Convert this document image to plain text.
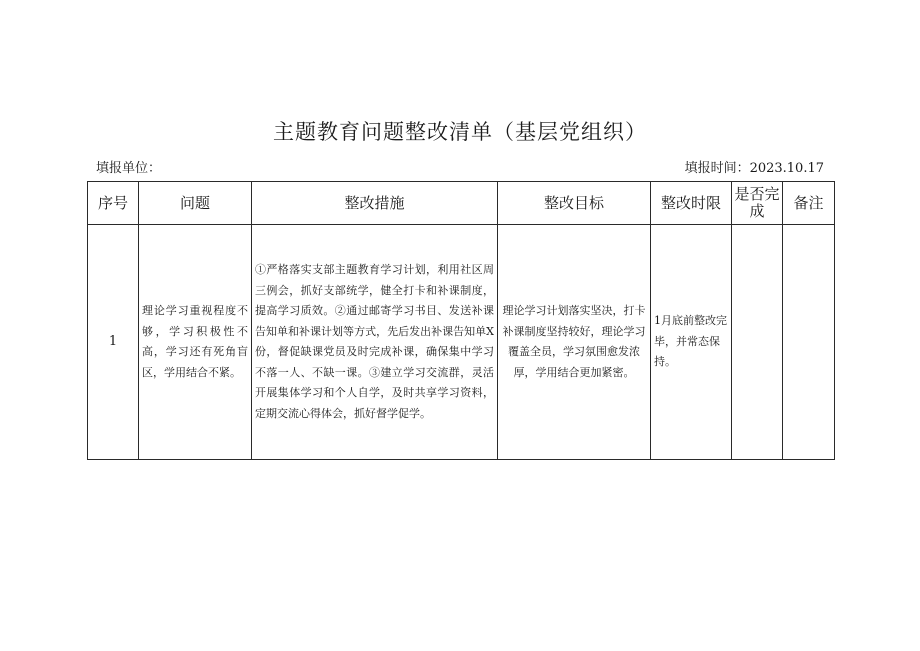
主题教育问题整改清单（基层党组织）
填报单位：	填报时间：2023.10.17
序号	问题	整改措施	整改目标	整改时限	是否完成	备注
1	理论学习重视程度不够，学习积极性不高，学习还有死角盲区，学用结合不紧。	①严格落实支部主题教育学习计划，利用社区周三例会，抓好支部统学，健全打卡和补课制度，提高学习质效。②通过邮寄学习书目、发送补课告知单和补课计划等方式，先后发出补课告知单X份，督促缺课党员及时完成补课，确保集中学习不落一人、不缺一课。③建立学习交流群，灵活开展集体学习和个人自学，及时共享学习资料，定期交流心得体会，抓好督学促学。	理论学习计划落实坚决，打卡补课制度坚持较好，理论学习覆盖全员，学习氛围愈发浓厚，学用结合更加紧密。	1月底前整改完毕，并常态保持。		
